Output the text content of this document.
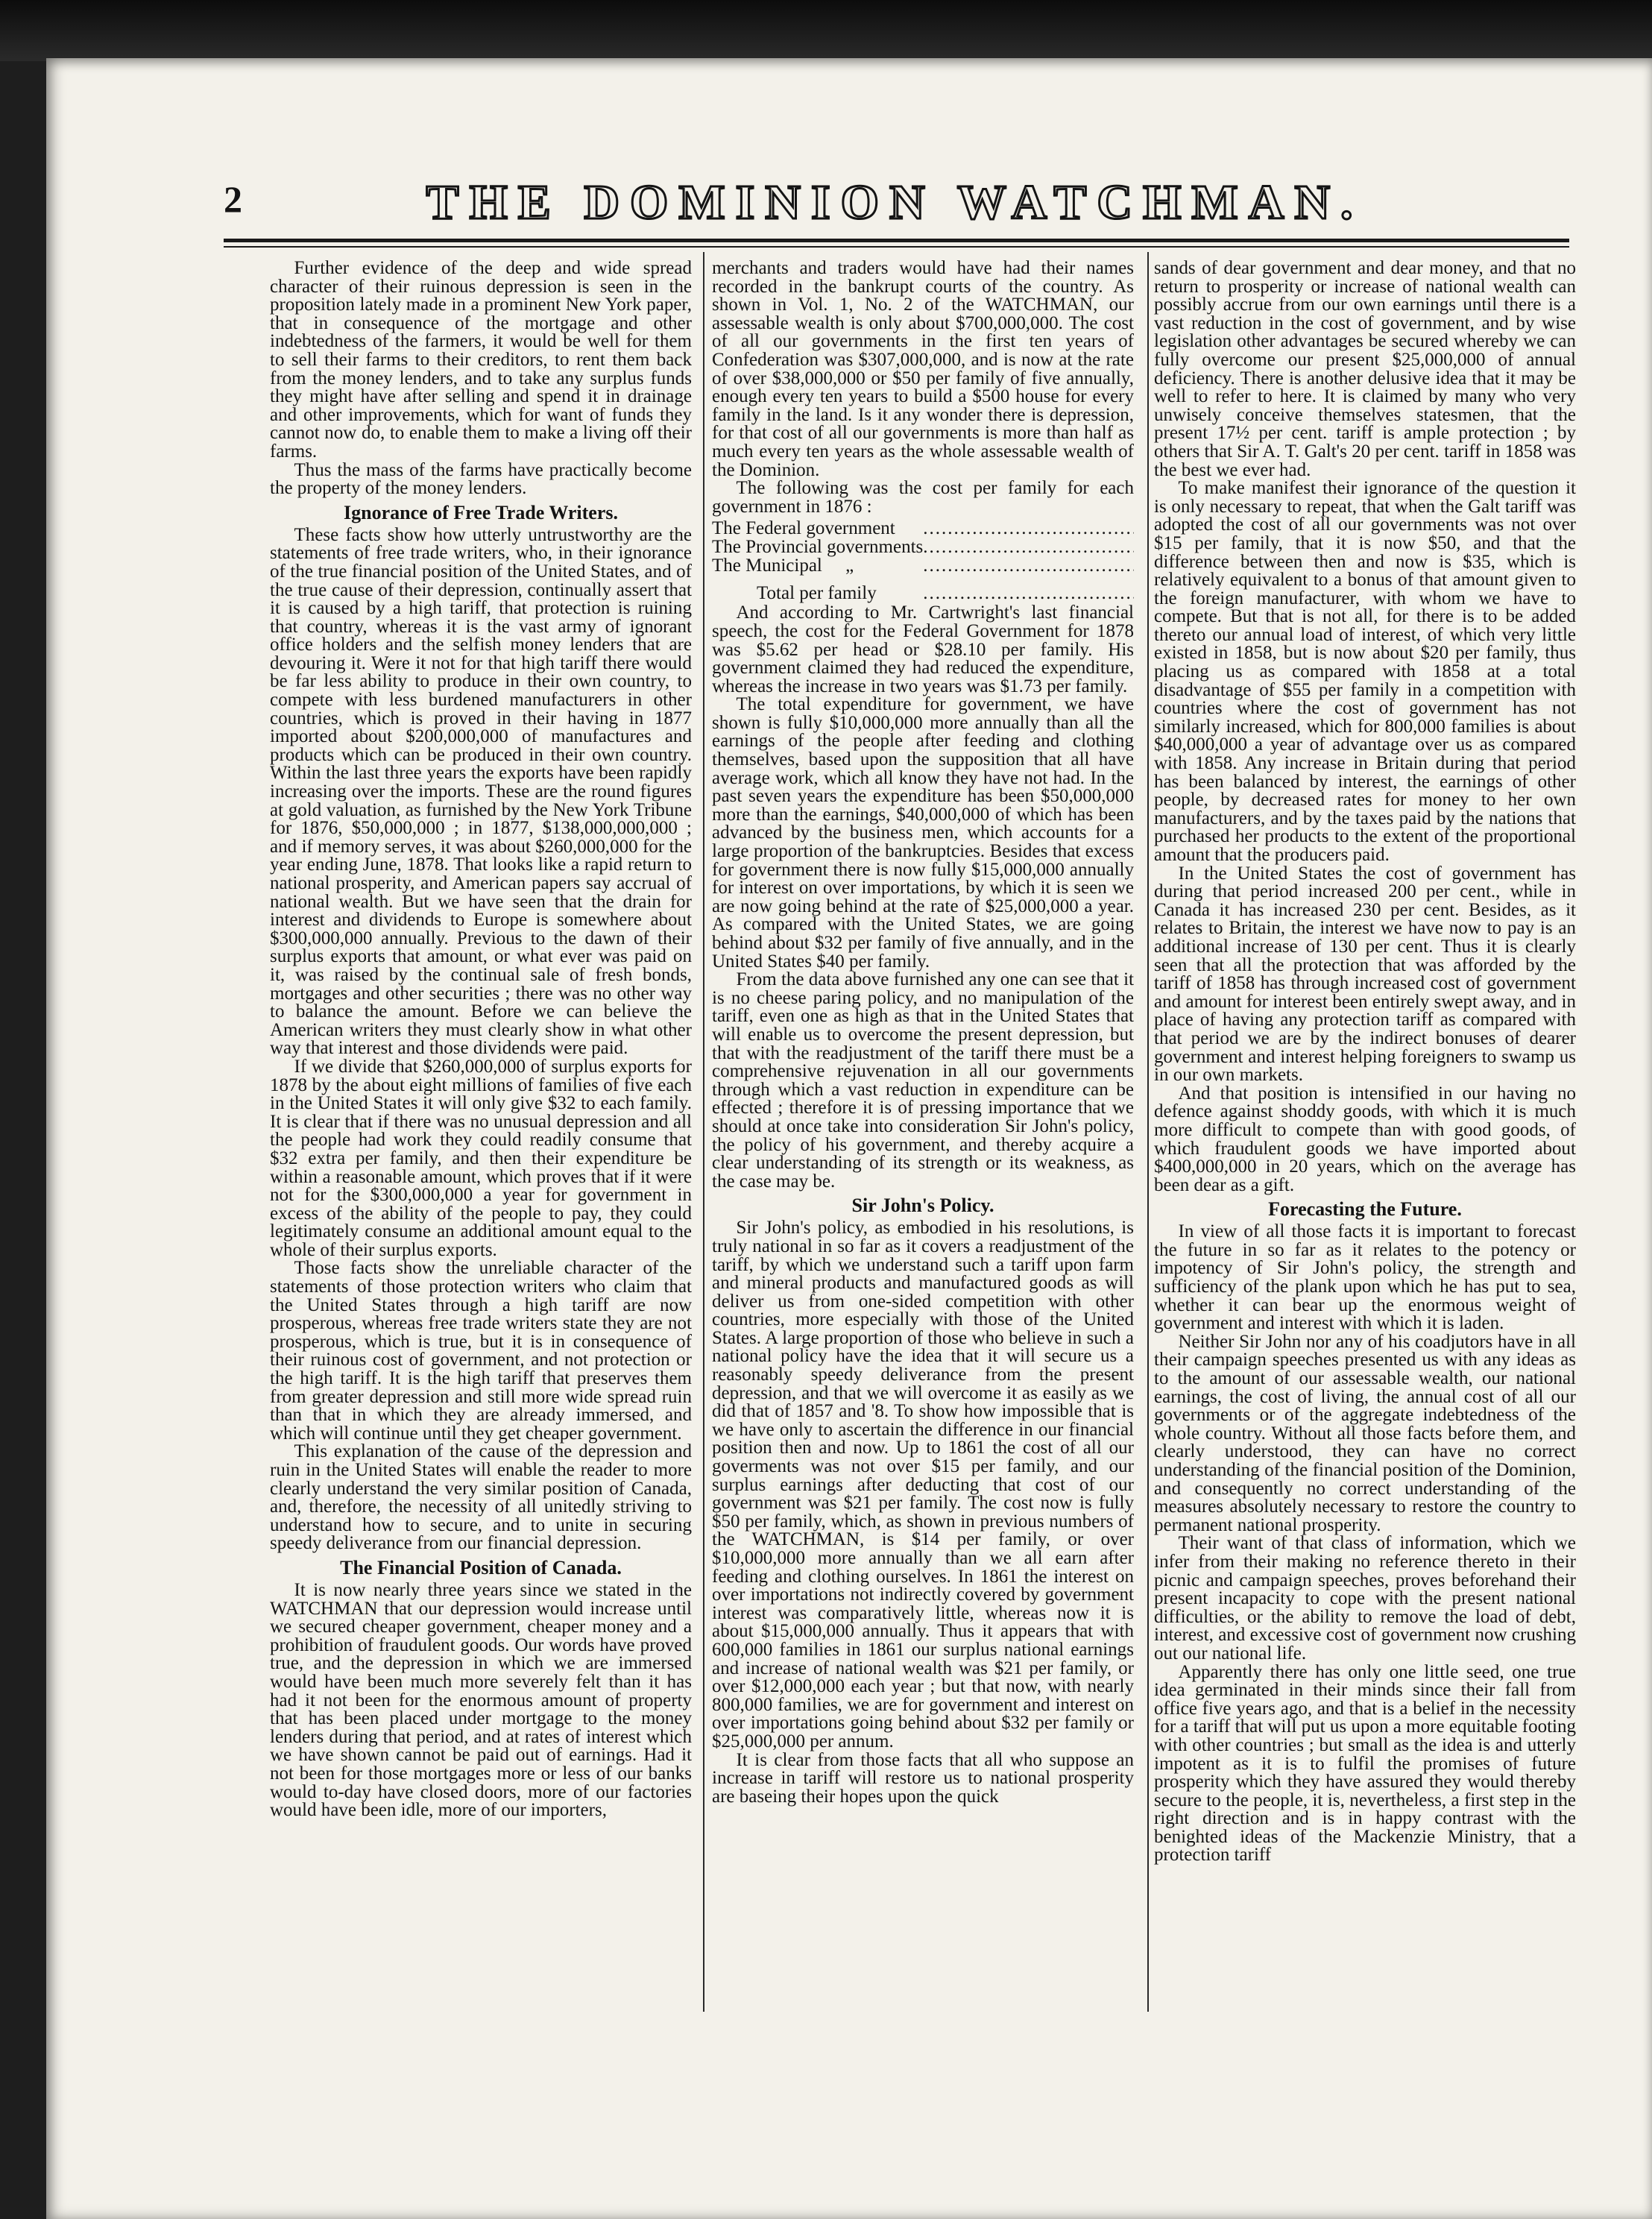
2	THE DOMINION WATCHMAN.

Further evidence of the deep and wide spread character of their ruinous depression is seen in the proposition lately made in a prominent New York paper, that in consequence of the mortgage and other indebtedness of the farmers, it would be well for them to sell their farms to their creditors, to rent them back from the money lenders, and to take any surplus funds they might have after selling and spend it in drainage and other improvements, which for want of funds they cannot now do, to enable them to make a living off their farms.

Thus the mass of the farms have practically become the property of the money lenders.

Ignorance of Free Trade Writers.

These facts show how utterly untrustworthy are the statements of free trade writers, who, in their ignorance of the true financial position of the United States, and of the true cause of their depression, continually assert that it is caused by a high tariff, that protection is ruining that country, whereas it is the vast army of ignorant office holders and the selfish money lenders that are devouring it. Were it not for that high tariff there would be far less ability to produce in their own country, to compete with less burdened manufacturers in other countries, which is proved in their having in 1877 imported about $200,000,000 of manufactures and products which can be produced in their own country. Within the last three years the exports have been rapidly increasing over the imports. These are the round figures at gold valuation, as furnished by the New York Tribune for 1876, $50,000,000 ; in 1877, $138,000,000,000 ; and if memory serves, it was about $260,000,000 for the year ending June, 1878. That looks like a rapid return to national prosperity, and American papers say accrual of national wealth. But we have seen that the drain for interest and dividends to Europe is somewhere about $300,000,000 annually. Previous to the dawn of their surplus exports that amount, or what ever was paid on it, was raised by the continual sale of fresh bonds, mortgages and other securities ; there was no other way to balance the amount. Before we can believe the American writers they must clearly show in what other way that interest and those dividends were paid.

If we divide that $260,000,000 of surplus exports for 1878 by the about eight millions of families of five each in the United States it will only give $32 to each family. It is clear that if there was no unusual depression and all the people had work they could readily consume that $32 extra per family, and then their expenditure be within a reasonable amount, which proves that if it were not for the $300,000,000 a year for government in excess of the ability of the people to pay, they could legitimately consume an additional amount equal to the whole of their surplus exports.

Those facts show the unreliable character of the statements of those protection writers who claim that the United States through a high tariff are now prosperous, whereas free trade writers state they are not prosperous, which is true, but it is in consequence of their ruinous cost of government, and not protection or the high tariff. It is the high tariff that preserves them from greater depression and still more wide spread ruin than that in which they are already immersed, and which will continue until they get cheaper government.

This explanation of the cause of the depression and ruin in the United States will enable the reader to more clearly understand the very similar position of Canada, and, therefore, the necessity of all unitedly striving to understand how to secure, and to unite in securing speedy deliverance from our financial depression.

The Financial Position of Canada.

It is now nearly three years since we stated in the WATCHMAN that our depression would increase until we secured cheaper government, cheaper money and a prohibition of fraudulent goods. Our words have proved true, and the depression in which we are immersed would have been much more severely felt than it has had it not been for the enormous amount of property that has been placed under mortgage to the money lenders during that period, and at rates of interest which we have shown cannot be paid out of earnings. Had it not been for those mortgages more or less of our banks would to-day have closed doors, more of our factories would have been idle, more of our importers,

merchants and traders would have had their names recorded in the bankrupt courts of the country. As shown in Vol. 1, No. 2 of the WATCHMAN, our assessable wealth is only about $700,000,000. The cost of all our governments in the first ten years of Confederation was $307,000,000, and is now at the rate of over $38,000,000 or $50 per family of five annually, enough every ten years to build a $500 house for every family in the land. Is it any wonder there is depression, for that cost of all our governments is more than half as much every ten years as the whole assessable wealth of the Dominion.

The following was the cost per family for each government in 1876 :

The Federal government	.....	
The Provincial governments	.....	
The Municipal     „	.....	

Total per family	.....	

And according to Mr. Cartwright's last financial speech, the cost for the Federal Government for 1878 was $5.62 per head or $28.10 per family. His government claimed they had reduced the expenditure, whereas the increase in two years was $1.73 per family.

The total expenditure for government, we have shown is fully $10,000,000 more annually than all the earnings of the people after feeding and clothing themselves, based upon the supposition that all have average work, which all know they have not had. In the past seven years the expenditure has been $50,000,000 more than the earnings, $40,000,000 of which has been advanced by the business men, which accounts for a large proportion of the bankruptcies. Besides that excess for government there is now fully $15,000,000 annually for interest on over importations, by which it is seen we are now going behind at the rate of $25,000,000 a year. As compared with the United States, we are going behind about $32 per family of five annually, and in the United States $40 per family.

From the data above furnished any one can see that it is no cheese paring policy, and no manipulation of the tariff, even one as high as that in the United States that will enable us to overcome the present depression, but that with the readjustment of the tariff there must be a comprehensive rejuvenation in all our governments through which a vast reduction in expenditure can be effected ; therefore it is of pressing importance that we should at once take into consideration Sir John's policy, the policy of his government, and thereby acquire a clear understanding of its strength or its weakness, as the case may be.

Sir John's Policy.

Sir John's policy, as embodied in his resolutions, is truly national in so far as it covers a readjustment of the tariff, by which we understand such a tariff upon farm and mineral products and manufactured goods as will deliver us from one-sided competition with other countries, more especially with those of the United States. A large proportion of those who believe in such a national policy have the idea that it will secure us a reasonably speedy deliverance from the present depression, and that we will overcome it as easily as we did that of 1857 and '8. To show how impossible that is we have only to ascertain the difference in our financial position then and now. Up to 1861 the cost of all our goverments was not over $15 per family, and our surplus earnings after deducting that cost of our government was $21 per family. The cost now is fully $50 per family, which, as shown in previous numbers of the WATCHMAN, is $14 per family, or over $10,000,000 more annually than we all earn after feeding and clothing ourselves. In 1861 the interest on over importations not indirectly covered by government interest was comparatively little, whereas now it is about $15,000,000 annually. Thus it appears that with 600,000 families in 1861 our surplus national earnings and increase of national wealth was $21 per family, or over $12,000,000 each year ; but that now, with nearly 800,000 families, we are for government and interest on over importations going behind about $32 per family or $25,000,000 per annum.

It is clear from those facts that all who suppose an increase in tariff will restore us to national prosperity are baseing their hopes upon the quick

sands of dear government and dear money, and that no return to prosperity or increase of national wealth can possibly accrue from our own earnings until there is a vast reduction in the cost of government, and by wise legislation other advantages be secured whereby we can fully overcome our present $25,000,000 of annual deficiency. There is another delusive idea that it may be well to refer to here. It is claimed by many who very unwisely conceive themselves statesmen, that the present 17½ per cent. tariff is ample protection ; by others that Sir A. T. Galt's 20 per cent. tariff in 1858 was the best we ever had.

To make manifest their ignorance of the question it is only necessary to repeat, that when the Galt tariff was adopted the cost of all our governments was not over $15 per family, that it is now $50, and that the difference between then and now is $35, which is relatively equivalent to a bonus of that amount given to the foreign manufacturer, with whom we have to compete. But that is not all, for there is to be added thereto our annual load of interest, of which very little existed in 1858, but is now about $20 per family, thus placing us as compared with 1858 at a total disadvantage of $55 per family in a competition with countries where the cost of government has not similarly increased, which for 800,000 families is about $40,000,000 a year of advantage over us as compared with 1858. Any increase in Britain during that period has been balanced by interest, the earnings of other people, by decreased rates for money to her own manufacturers, and by the taxes paid by the nations that purchased her products to the extent of the proportional amount that the producers paid.

In the United States the cost of government has during that period increased 200 per cent., while in Canada it has increased 230 per cent. Besides, as it relates to Britain, the interest we have now to pay is an additional increase of 130 per cent. Thus it is clearly seen that all the protection that was afforded by the tariff of 1858 has through increased cost of government and amount for interest been entirely swept away, and in place of having any protection tariff as compared with that period we are by the indirect bonuses of dearer government and interest helping foreigners to swamp us in our own markets.

And that position is intensified in our having no defence against shoddy goods, with which it is much more difficult to compete than with good goods, of which fraudulent goods we have imported about $400,000,000 in 20 years, which on the average has been dear as a gift.

Forecasting the Future.

In view of all those facts it is important to forecast the future in so far as it relates to the potency or impotency of Sir John's policy, the strength and sufficiency of the plank upon which he has put to sea, whether it can bear up the enormous weight of government and interest with which it is laden.

Neither Sir John nor any of his coadjutors have in all their campaign speeches presented us with any ideas as to the amount of our assessable wealth, our national earnings, the cost of living, the annual cost of all our governments or of the aggregate indebtedness of the whole country. Without all those facts before them, and clearly understood, they can have no correct understanding of the financial position of the Dominion, and consequently no correct understanding of the measures absolutely necessary to restore the country to permanent national prosperity.

Their want of that class of information, which we infer from their making no reference thereto in their picnic and campaign speeches, proves beforehand their present incapacity to cope with the present national difficulties, or the ability to remove the load of debt, interest, and excessive cost of government now crushing out our national life.

Apparently there has only one little seed, one true idea germinated in their minds since their fall from office five years ago, and that is a belief in the necessity for a tariff that will put us upon a more equitable footing with other countries ; but small as the idea is and utterly impotent as it is to fulfil the promises of future prosperity which they have assured they would thereby secure to the people, it is, nevertheless, a first step in the right direction and is in happy contrast with the benighted ideas of the Mackenzie Ministry, that a protection tariff
